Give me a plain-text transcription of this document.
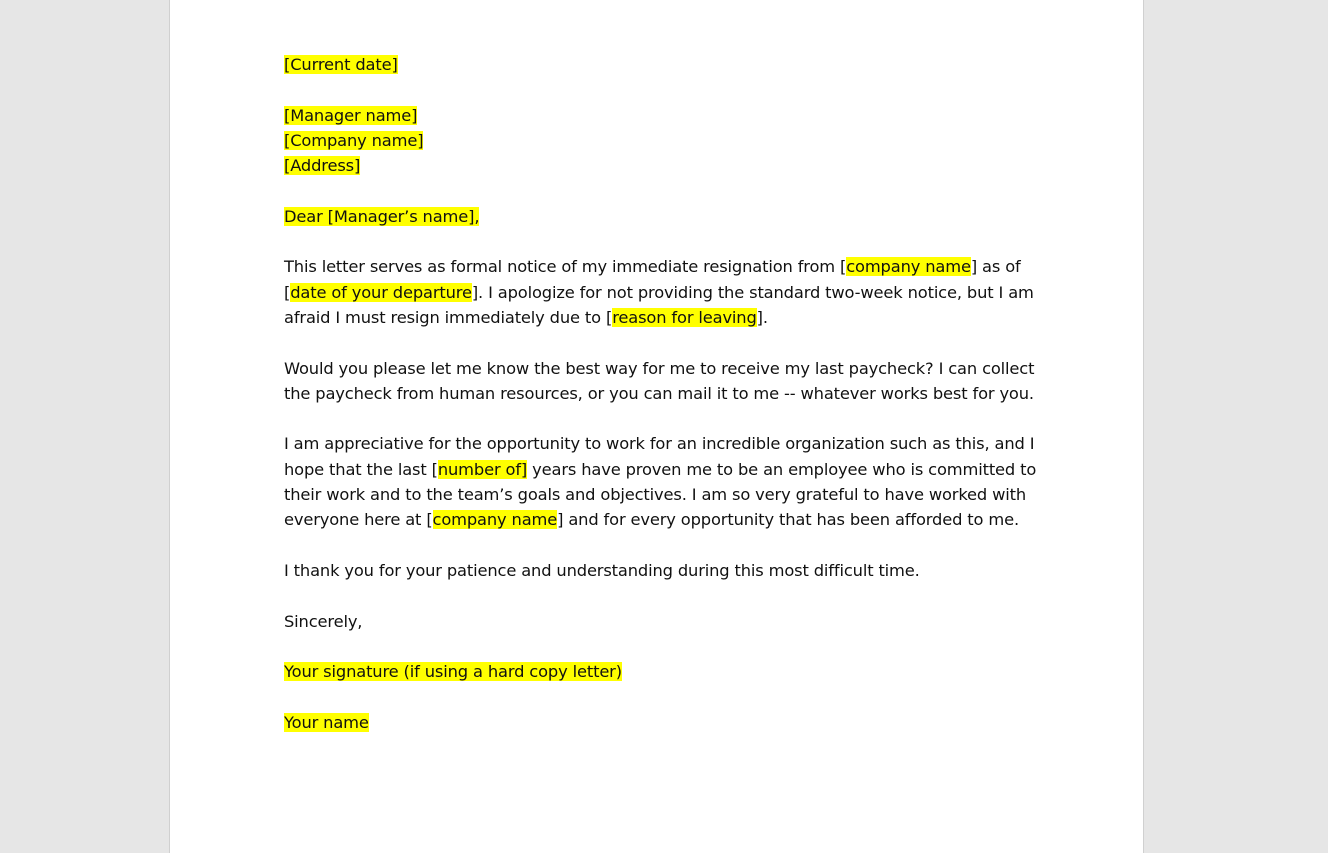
[Current date]

[Manager name]
[Company name]
[Address]

Dear [Manager’s name],

This letter serves as formal notice of my immediate resignation from [company name] as of
[date of your departure]. I apologize for not providing the standard two-week notice, but I am
afraid I must resign immediately due to [reason for leaving].

Would you please let me know the best way for me to receive my last paycheck? I can collect
the paycheck from human resources, or you can mail it to me -- whatever works best for you.

I am appreciative for the opportunity to work for an incredible organization such as this, and I
hope that the last [number of] years have proven me to be an employee who is committed to
their work and to the team’s goals and objectives. I am so very grateful to have worked with
everyone here at [company name] and for every opportunity that has been afforded to me.

I thank you for your patience and understanding during this most difficult time.

Sincerely,

Your signature (if using a hard copy letter)

Your name
